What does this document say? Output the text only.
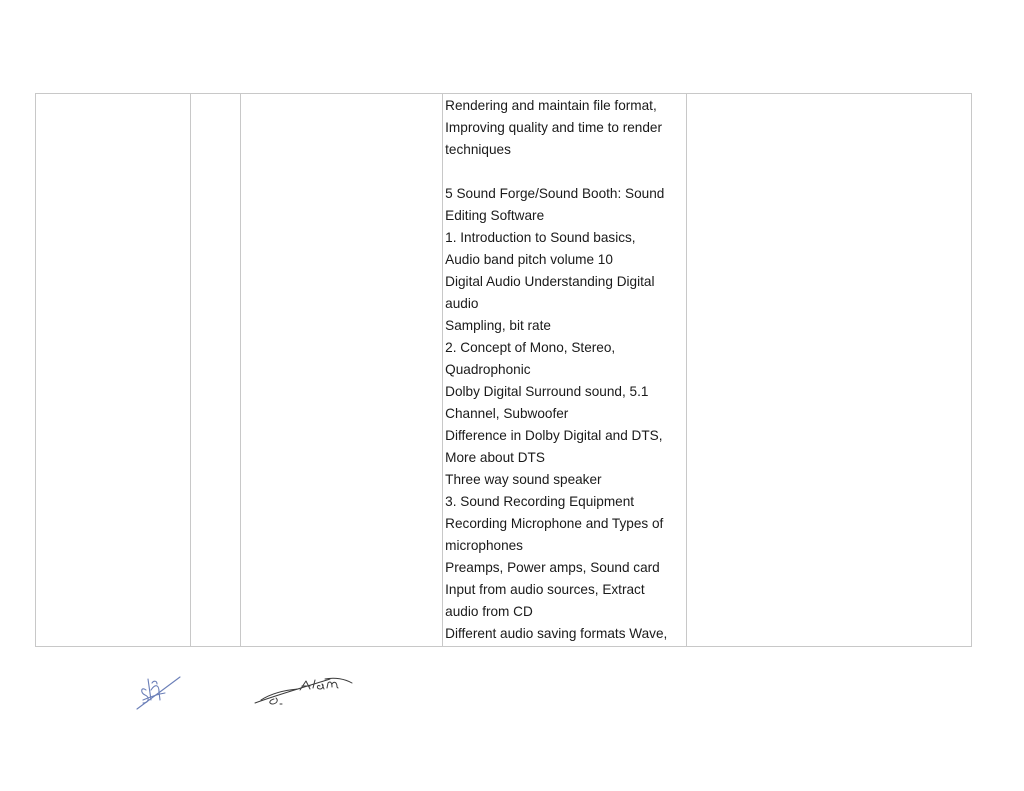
Rendering and maintain file format,
Improving quality and time to render
techniques
5 Sound Forge/Sound Booth: Sound
Editing Software
1. Introduction to Sound basics,
Audio band pitch volume 10
Digital Audio Understanding Digital
audio
Sampling, bit rate
2. Concept of Mono, Stereo,
Quadrophonic
Dolby Digital Surround sound, 5.1
Channel, Subwoofer
Difference in Dolby Digital and DTS,
More about DTS
Three way sound speaker
3. Sound Recording Equipment
Recording Microphone and Types of
microphones
Preamps, Power amps, Sound card
Input from audio sources, Extract
audio from CD
Different audio saving formats Wave,
